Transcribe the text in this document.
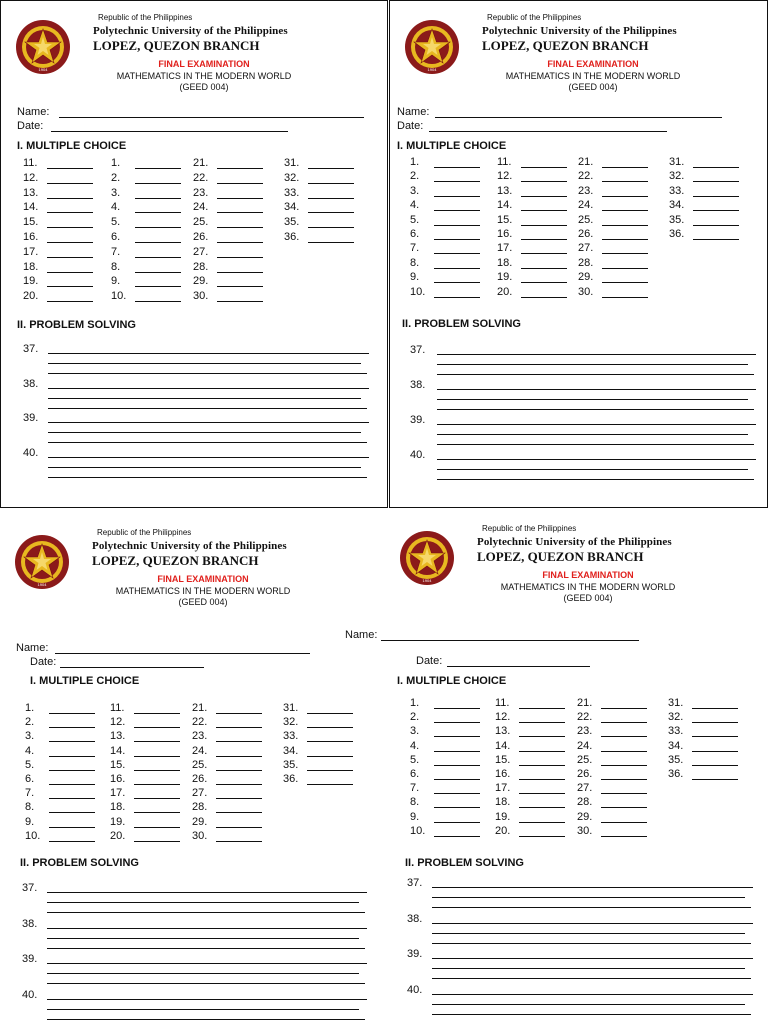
1904
Republic of the Philippines
Polytechnic University of the Philippines
LOPEZ, QUEZON BRANCH
FINAL EXAMINATION
MATHEMATICS IN THE MODERN WORLD
(GEED 004)
Name:
Date:
I. MULTIPLE CHOICE
11.
12.
13.
14.
15.
16.
17.
18.
19.
20.
1.
2.
3.
4.
5.
6.
7.
8.
9.
10.
21.
22.
23.
24.
25.
26.
27.
28.
29.
30.
31.
32.
33.
34.
35.
36.
II. PROBLEM SOLVING
37.
38.
39.
40.
1904
Republic of the Philippines
Polytechnic University of the Philippines
LOPEZ, QUEZON BRANCH
FINAL EXAMINATION
MATHEMATICS IN THE MODERN WORLD
(GEED 004)
Name:
Date:
I. MULTIPLE CHOICE
1.
2.
3.
4.
5.
6.
7.
8.
9.
10.
11.
12.
13.
14.
15.
16.
17.
18.
19.
20.
21.
22.
23.
24.
25.
26.
27.
28.
29.
30.
31.
32.
33.
34.
35.
36.
II. PROBLEM SOLVING
37.
38.
39.
40.
1904
Republic of the Philippines
Polytechnic University of the Philippines
LOPEZ, QUEZON BRANCH
FINAL EXAMINATION
MATHEMATICS IN THE MODERN WORLD
(GEED 004)
Name:
Date:
I. MULTIPLE CHOICE
1.
2.
3.
4.
5.
6.
7.
8.
9.
10.
11.
12.
13.
14.
15.
16.
17.
18.
19.
20.
21.
22.
23.
24.
25.
26.
27.
28.
29.
30.
31.
32.
33.
34.
35.
36.
II. PROBLEM SOLVING
37.
38.
39.
40.
1904
Republic of the Philippines
Polytechnic University of the Philippines
LOPEZ, QUEZON BRANCH
FINAL EXAMINATION
MATHEMATICS IN THE MODERN WORLD
(GEED 004)
Name:
Date:
I. MULTIPLE CHOICE
1.
2.
3.
4.
5.
6.
7.
8.
9.
10.
11.
12.
13.
14.
15.
16.
17.
18.
19.
20.
21.
22.
23.
24.
25.
26.
27.
28.
29.
30.
31.
32.
33.
34.
35.
36.
II. PROBLEM SOLVING
37.
38.
39.
40.
